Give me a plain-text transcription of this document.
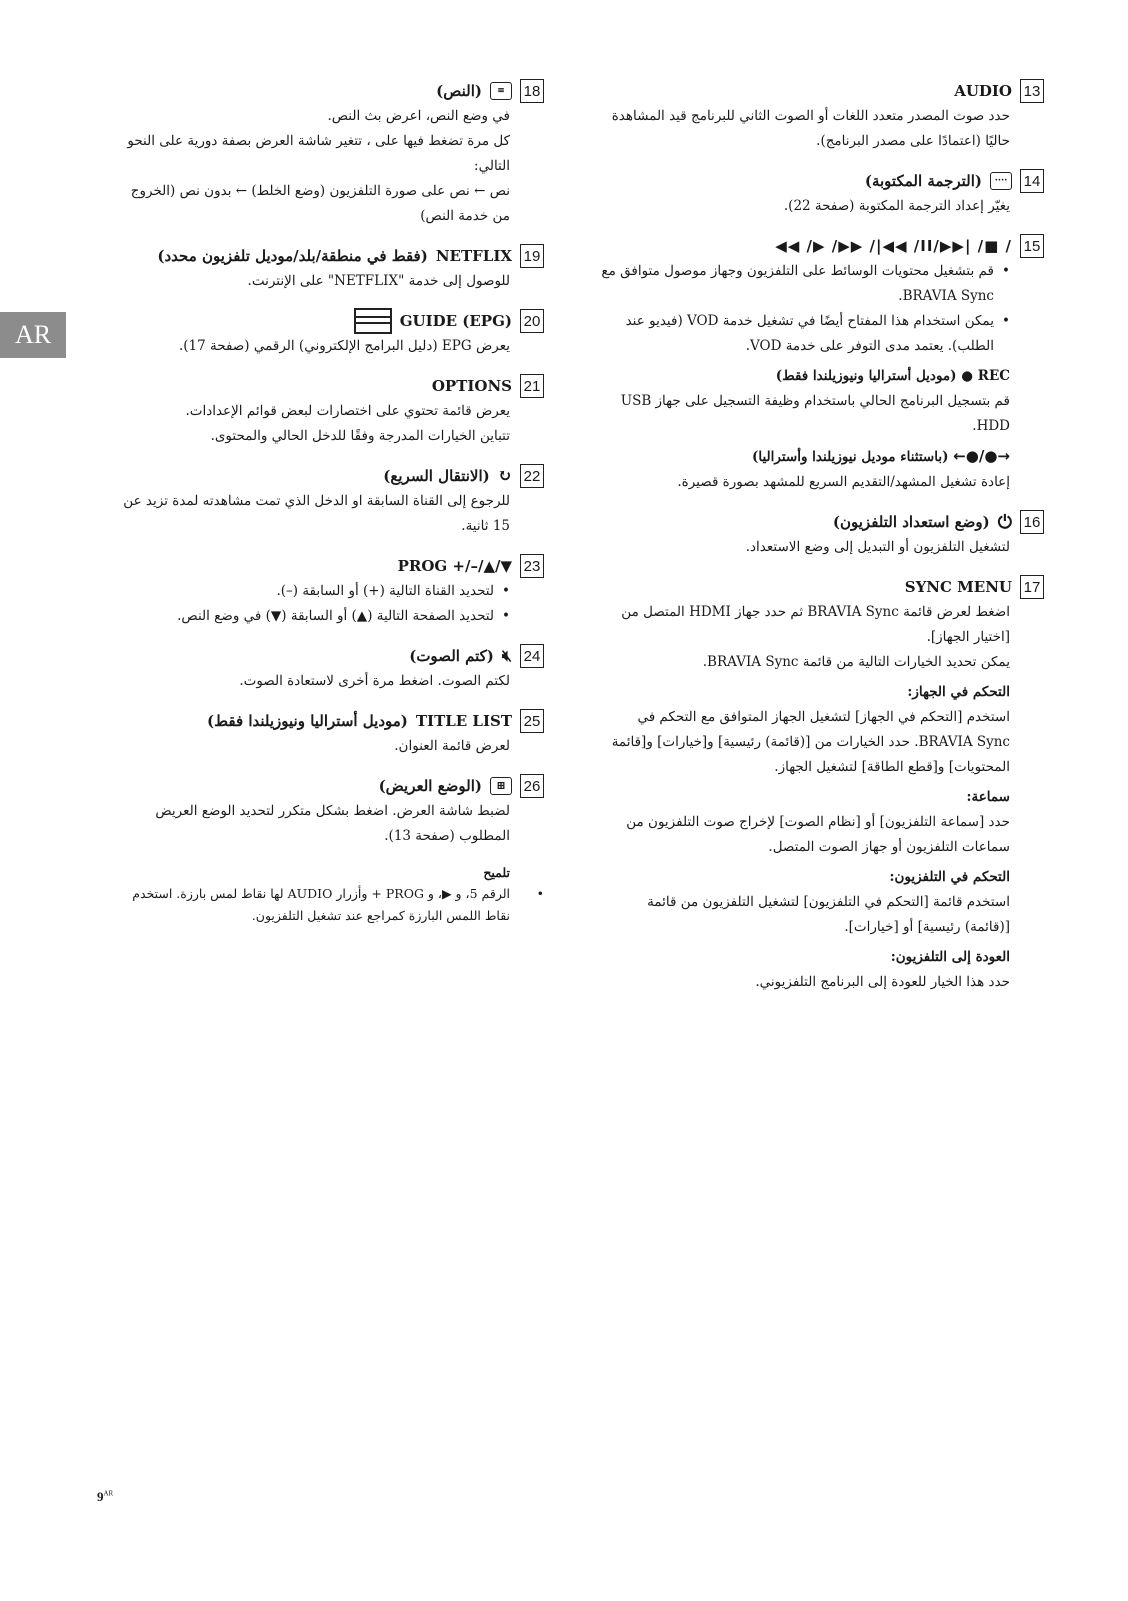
AR
13
AUDIO
حدد صوت المصدر متعدد اللغات أو الصوت الثاني للبرنامج قيد المشاهدة حاليًا (اعتمادًا على مصدر البرنامج).
14
····
(الترجمة المكتوبة)
يغيّر إعداد الترجمة المكتوبة (صفحة 22).
15
◀◀ /▶ /▶▶ /|◀◀ /II/▶▶| /■ /
• قم بتشغيل محتويات الوسائط على التلفزيون وجهاز موصول متوافق مع BRAVIA Sync.
• يمكن استخدام هذا المفتاح أيضًا في تشغيل خدمة VOD (فيديو عند الطلب). يعتمد مدى التوفر على خدمة VOD.
REC ● (موديل أستراليا ونيوزيلندا فقط)
قم بتسجيل البرنامج الحالي باستخدام وظيفة التسجيل على جهاز USB HDD.
→●/●← (باستثناء موديل نيوزيلندا وأستراليا)
إعادة تشغيل المشهد/التقديم السريع للمشهد بصورة قصيرة.
16
⏻
(وضع استعداد التلفزيون)
لتشغيل التلفزيون أو التبديل إلى وضع الاستعداد.
17
SYNC MENU
اضغط لعرض قائمة BRAVIA Sync ثم حدد جهاز HDMI المتصل من [اختيار الجهاز].
يمكن تحديد الخيارات التالية من قائمة BRAVIA Sync.
التحكم في الجهاز:
استخدم [التحكم في الجهاز] لتشغيل الجهاز المتوافق مع التحكم في BRAVIA Sync. حدد الخيارات من [(قائمة) رئيسية] و[خيارات] و[قائمة المحتويات] و[قطع الطاقة] لتشغيل الجهاز.
سماعة:
حدد [سماعة التلفزيون] أو [نظام الصوت] لإخراج صوت التلفزيون من سماعات التلفزيون أو جهاز الصوت المتصل.
التحكم في التلفزيون:
استخدم قائمة [التحكم في التلفزيون] لتشغيل التلفزيون من قائمة [(قائمة) رئيسية] أو [خيارات].
العودة إلى التلفزيون:
حدد هذا الخيار للعودة إلى البرنامج التلفزيوني.
18
≡
(النص)
في وضع النص، اعرض بث النص.
كل مرة تضغط فيها على ، تتغير شاشة العرض بصفة دورية على النحو التالي:
نص ← نص على صورة التلفزيون (وضع الخلط) ← بدون نص (الخروج من خدمة النص)
19
NETFLIX
(فقط في منطقة/بلد/موديل تلفزيون محدد)
للوصول إلى خدمة "NETFLIX" على الإنترنت.
20
GUIDE (EPG)
يعرض EPG (دليل البرامج الإلكتروني) الرقمي (صفحة 17).
21
OPTIONS
يعرض قائمة تحتوي على اختصارات لبعض قوائم الإعدادات.
تتباين الخيارات المدرجة وفقًا للدخل الحالي والمحتوى.
22
↻
(الانتقال السريع)
للرجوع إلى القناة السابقة او الدخل الذي تمت مشاهدته لمدة تزيد عن 15 ثانية.
23
PROG +/–/▲/▼
• لتحديد القناة التالية (+) أو السابقة (–).
• لتحديد الصفحة التالية (▲) أو السابقة (▼) في وضع النص.
24
🔇︎
(كتم الصوت)
لكتم الصوت. اضغط مرة أخرى لاستعادة الصوت.
25
TITLE LIST
(موديل أستراليا ونيوزيلندا فقط)
لعرض قائمة العنوان.
26
⊞
(الوضع العريض)
لضبط شاشة العرض. اضغط بشكل متكرر لتحديد الوضع العريض المطلوب (صفحة 13).
تلميح
• الرقم 5، و ▶، و PROG + وأزرار AUDIO لها نقاط لمس بارزة. استخدم نقاط اللمس البارزة كمراجع عند تشغيل التلفزيون.
$9^{AR}$
